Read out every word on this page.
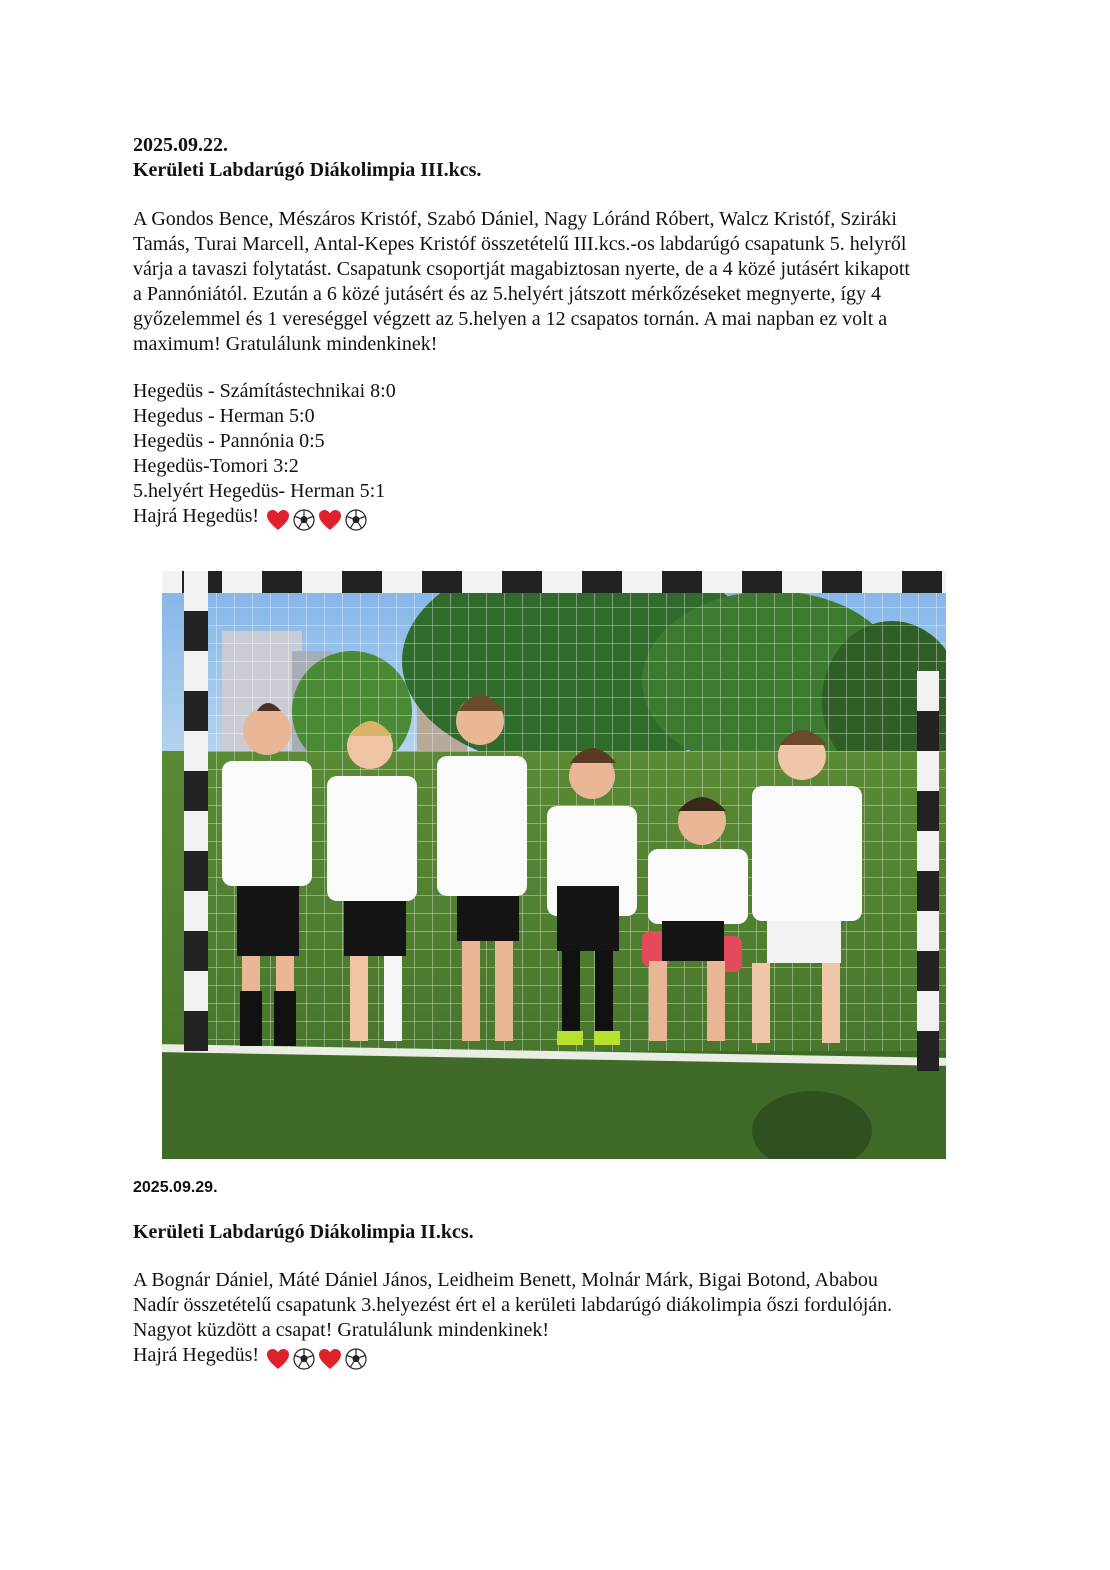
2025.09.22.
Kerületi Labdarúgó Diákolimpia III.kcs.
A Gondos Bence, Mészáros Kristóf, Szabó Dániel, Nagy Lóránd Róbert, Walcz Kristóf, Sziráki
Tamás, Turai Marcell, Antal-Kepes Kristóf összetételű III.kcs.-os labdarúgó csapatunk 5. helyről
várja a tavaszi folytatást. Csapatunk csoportját magabiztosan nyerte, de a 4 közé jutásért kikapott
a Pannóniától. Ezután a 6 közé jutásért és az 5.helyért játszott mérkőzéseket megnyerte, így 4
győzelemmel és 1 vereséggel végzett az 5.helyen a 12 csapatos tornán. A mai napban ez volt a
maximum! Gratulálunk mindenkinek!
Hegedüs - Számítástechnikai 8:0
Hegedus - Herman 5:0
Hegedüs - Pannónia 0:5
Hegedüs-Tomori 3:2
5.helyért Hegedüs- Herman 5:1
Hajrá Hegedüs!
2025.09.29.
Kerületi Labdarúgó Diákolimpia II.kcs.
A Bognár Dániel, Máté Dániel János, Leidheim Benett, Molnár Márk, Bigai Botond, Ababou
Nadír összetételű csapatunk 3.helyezést ért el a kerületi labdarúgó diákolimpia őszi fordulóján.
Nagyot küzdött a csapat! Gratulálunk mindenkinek!
Hajrá Hegedüs!
